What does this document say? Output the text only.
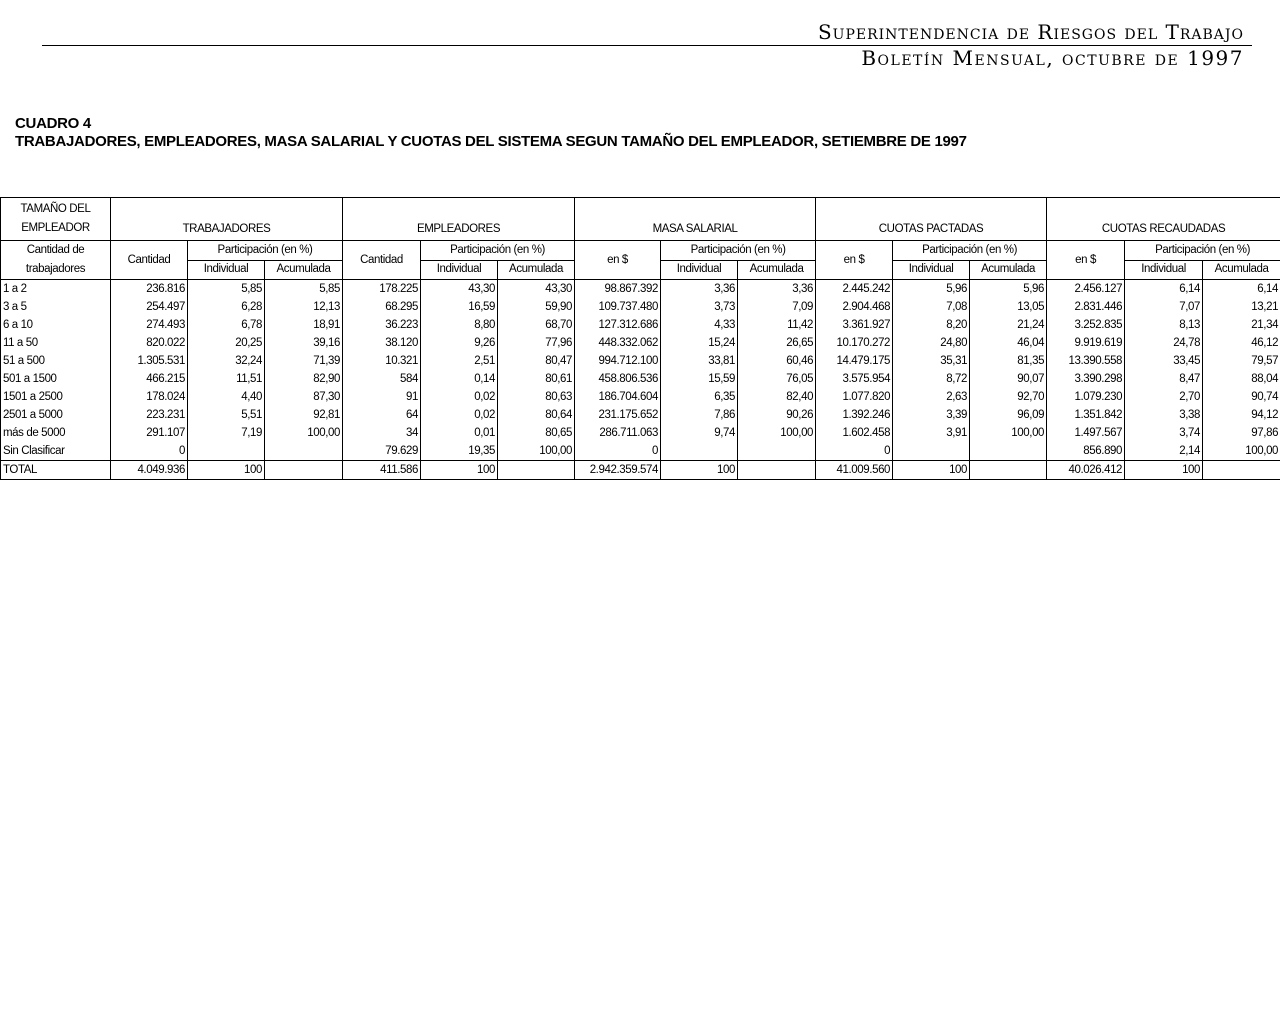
Superintendencia de Riesgos del Trabajo
Boletín Mensual, octubre de 1997
CUADRO 4
TRABAJADORES, EMPLEADORES, MASA SALARIAL Y CUOTAS DEL SISTEMA SEGUN TAMAÑO DEL EMPLEADOR, SETIEMBRE DE 1997
TAMAÑO DEL
EMPLEADOR	TRABAJADORES			EMPLEADORES			MASA SALARIAL			CUOTAS PACTADAS			CUOTAS RECAUDADAS		

Cantidad de
trabajadores	Cantidad	Participación (en %)		Cantidad	Participación (en %)		en $	Participación (en %)		en $	Participación (en %)		en $	Participación (en %)	
		Individual	Acumulada		Individual	Acumulada		Individual	Acumulada		Individual	Acumulada		Individual	Acumulada
1 a 2	236.816	5,85	5,85	178.225	43,30	43,30	98.867.392	3,36	3,36	2.445.242	5,96	5,96	2.456.127	6,14	6,14
3 a 5	254.497	6,28	12,13	68.295	16,59	59,90	109.737.480	3,73	7,09	2.904.468	7,08	13,05	2.831.446	7,07	13,21
6 a 10	274.493	6,78	18,91	36.223	8,80	68,70	127.312.686	4,33	11,42	3.361.927	8,20	21,24	3.252.835	8,13	21,34
11 a 50	820.022	20,25	39,16	38.120	9,26	77,96	448.332.062	15,24	26,65	10.170.272	24,80	46,04	9.919.619	24,78	46,12
51 a 500	1.305.531	32,24	71,39	10.321	2,51	80,47	994.712.100	33,81	60,46	14.479.175	35,31	81,35	13.390.558	33,45	79,57
501 a 1500	466.215	11,51	82,90	584	0,14	80,61	458.806.536	15,59	76,05	3.575.954	8,72	90,07	3.390.298	8,47	88,04
1501 a 2500	178.024	4,40	87,30	91	0,02	80,63	186.704.604	6,35	82,40	1.077.820	2,63	92,70	1.079.230	2,70	90,74
2501 a 5000	223.231	5,51	92,81	64	0,02	80,64	231.175.652	7,86	90,26	1.392.246	3,39	96,09	1.351.842	3,38	94,12
más de 5000	291.107	7,19	100,00	34	0,01	80,65	286.711.063	9,74	100,00	1.602.458	3,91	100,00	1.497.567	3,74	97,86
Sin Clasificar	0			79.629	19,35	100,00	0			0			856.890	2,14	100,00
TOTAL	4.049.936	100		411.586	100		2.942.359.574	100		41.009.560	100		40.026.412	100	
